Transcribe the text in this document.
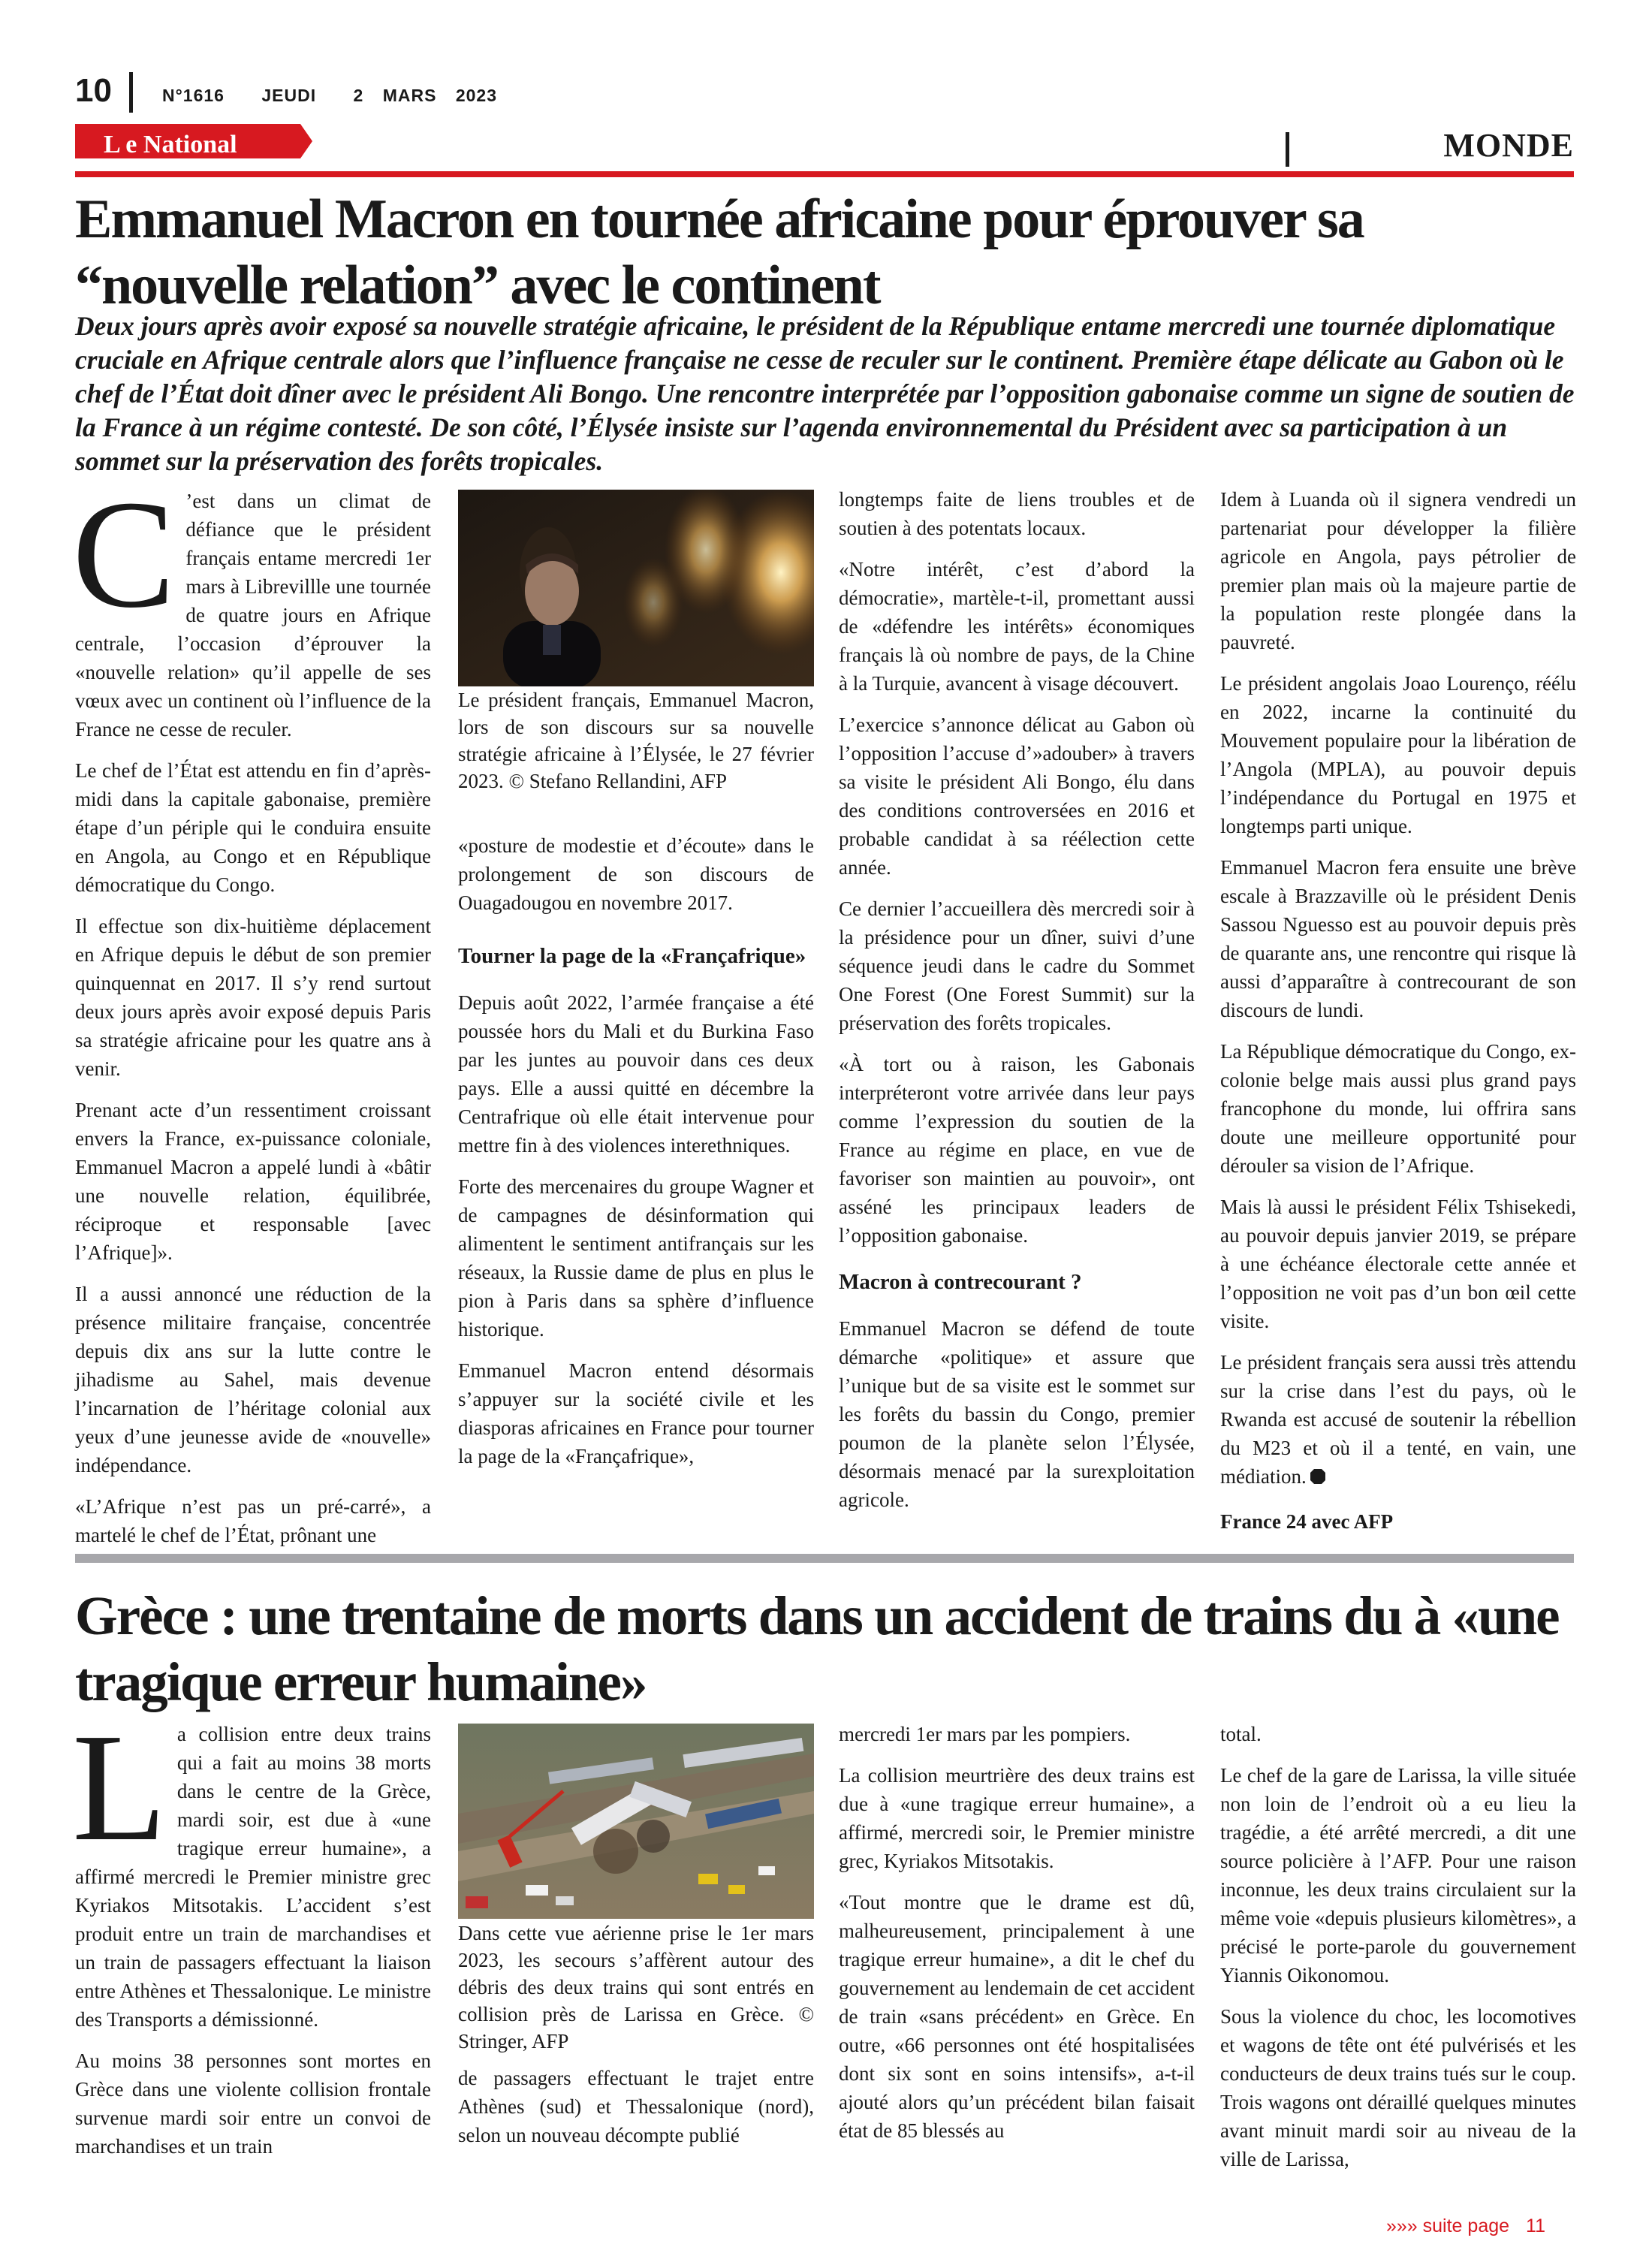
10	N°1616 JEUDI 2 MARS 2023
L e National	MONDE
Emmanuel Macron en tournée africaine pour éprouver sa “nouvelle relation” avec le continent

Deux jours après avoir exposé sa nouvelle stratégie africaine, le président de la République entame mercredi une tournée diplomatique cruciale en Afrique centrale alors que l’influence française ne cesse de reculer sur le continent. Première étape délicate au Gabon où le chef de l’État doit dîner avec le président Ali Bongo. Une rencontre interprétée par l’opposition gabonaise comme un signe de soutien de la France à un régime contesté. De son côté, l’Élysée insiste sur l’agenda environnemental du Président avec sa participation à un sommet sur la préservation des forêts tropicales.

C ’est dans un climat de défiance que le président français entame mercredi 1er mars à Librevillle une tournée de quatre jours en Afrique centrale, l’occasion d’éprouver la «nouvelle relation» qu’il appelle de ses vœux avec un continent où l’influence de la France ne cesse de reculer.

Le chef de l’État est attendu en fin d’après-midi dans la capitale gabonaise, première étape d’un périple qui le conduira ensuite en Angola, au Congo et en République démocratique du Congo.

Il effectue son dix-huitième déplacement en Afrique depuis le début de son premier quinquennat en 2017. Il s’y rend surtout deux jours après avoir exposé depuis Paris sa stratégie africaine pour les quatre ans à venir.

Prenant acte d’un ressentiment croissant envers la France, ex-puissance coloniale, Emmanuel Macron a appelé lundi à «bâtir une nouvelle relation, équilibrée, réciproque et responsable [avec l’Afrique]».

Il a aussi annoncé une réduction de la présence militaire française, concentrée depuis dix ans sur la lutte contre le jihadisme au Sahel, mais devenue l’incarnation de l’héritage colonial aux yeux d’une jeunesse avide de «nouvelle» indépendance.

«L’Afrique n’est pas un pré-carré», a martelé le chef de l’État, prônant une

Le président français, Emmanuel Macron, lors de son discours sur sa nouvelle stratégie africaine à l’Élysée, le 27 février 2023. © Stefano Rellandini, AFP

«posture de modestie et d’écoute» dans le prolongement de son discours de Ouagadougou en novembre 2017.

Tourner la page de la «Françafrique»

Depuis août 2022, l’armée française a été poussée hors du Mali et du Burkina Faso par les juntes au pouvoir dans ces deux pays. Elle a aussi quitté en décembre la Centrafrique où elle était intervenue pour mettre fin à des violences interethniques.

Forte des mercenaires du groupe Wagner et de campagnes de désinformation qui alimentent le sentiment antifrançais sur les réseaux, la Russie dame de plus en plus le pion à Paris dans sa sphère d’influence historique.

Emmanuel Macron entend désormais s’appuyer sur la société civile et les diasporas africaines en France pour tourner la page de la «Françafrique»,

longtemps faite de liens troubles et de soutien à des potentats locaux.

«Notre intérêt, c’est d’abord la démocratie», martèle-t-il, promettant aussi de «défendre les intérêts» économiques français là où nombre de pays, de la Chine à la Turquie, avancent à visage découvert.

L’exercice s’annonce délicat au Gabon où l’opposition l’accuse d’»adouber» à travers sa visite le président Ali Bongo, élu dans des conditions controversées en 2016 et probable candidat à sa réélection cette année.

Ce dernier l’accueillera dès mercredi soir à la présidence pour un dîner, suivi d’une séquence jeudi dans le cadre du Sommet One Forest (One Forest Summit) sur la préservation des forêts tropicales.

«À tort ou à raison, les Gabonais interpréteront votre arrivée dans leur pays comme l’expression du soutien de la France au régime en place, en vue de favoriser son maintien au pouvoir», ont asséné les principaux leaders de l’opposition gabonaise.

Macron à contrecourant ?

Emmanuel Macron se défend de toute démarche «politique» et assure que l’unique but de sa visite est le sommet sur les forêts du bassin du Congo, premier poumon de la planète selon l’Élysée, désormais menacé par la surexploitation agricole.

Idem à Luanda où il signera vendredi un partenariat pour développer la filière agricole en Angola, pays pétrolier de premier plan mais où la majeure partie de la population reste plongée dans la pauvreté.

Le président angolais Joao Lourenço, réélu en 2022, incarne la continuité du Mouvement populaire pour la libération de l’Angola (MPLA), au pouvoir depuis l’indépendance du Portugal en 1975 et longtemps parti unique.

Emmanuel Macron fera ensuite une brève escale à Brazzaville où le président Denis Sassou Nguesso est au pouvoir depuis près de quarante ans, une rencontre qui risque là aussi d’apparaître à contrecourant de son discours de lundi.

La République démocratique du Congo, ex-colonie belge mais aussi plus grand pays francophone du monde, lui offrira sans doute une meilleure opportunité pour dérouler sa vision de l’Afrique.

Mais là aussi le président Félix Tshisekedi, au pouvoir depuis janvier 2019, se prépare à une échéance électorale cette année et l’opposition ne voit pas d’un bon œil cette visite.

Le président français sera aussi très attendu sur la crise dans l’est du pays, où le Rwanda est accusé de soutenir la rébellion du M23 et où il a tenté, en vain, une médiation.

France 24 avec AFP
Grèce : une trentaine de morts dans un accident de trains du à «une tragique erreur humaine»

La collision entre deux trains qui a fait au moins 38 morts dans le centre de la Grèce, mardi soir, est due à «une tragique erreur humaine», a affirmé mercredi le Premier ministre grec Kyriakos Mitsotakis. L’accident s’est produit entre un train de marchandises et un train de passagers effectuant la liaison entre Athènes et Thessalonique. Le ministre des Transports a démissionné.

Au moins 38 personnes sont mortes en Grèce dans une violente collision frontale survenue mardi soir entre un convoi de marchandises et un train

Dans cette vue aérienne prise le 1er mars 2023, les secours s’affèrent autour des débris des deux trains qui sont entrés en collision près de Larissa en Grèce. © Stringer, AFP

de passagers effectuant le trajet entre Athènes (sud) et Thessalonique (nord), selon un nouveau décompte publié

mercredi 1er mars par les pompiers.

La collision meurtrière des deux trains est due à «une tragique erreur humaine», a affirmé, mercredi soir, le Premier ministre grec, Kyriakos Mitsotakis.

«Tout montre que le drame est dû, malheureusement, principalement à une tragique erreur humaine», a dit le chef du gouvernement au lendemain de cet accident de train «sans précédent» en Grèce. En outre, «66 personnes ont été hospitalisées dont six sont en soins intensifs», a-t-il ajouté alors qu’un précédent bilan faisait état de 85 blessés au

total.

Le chef de la gare de Larissa, la ville située non loin de l’endroit où a eu lieu la tragédie, a été arrêté mercredi, a dit une source policière à l’AFP. Pour une raison inconnue, les deux trains circulaient sur la même voie «depuis plusieurs kilomètres», a précisé le porte-parole du gouvernement Yiannis Oikonomou.

Sous la violence du choc, les locomotives et wagons de tête ont été pulvérisés et les conducteurs de deux trains tués sur le coup. Trois wagons ont déraillé quelques minutes avant minuit mardi soir au niveau de la ville de Larissa,

»»» suite page 11
